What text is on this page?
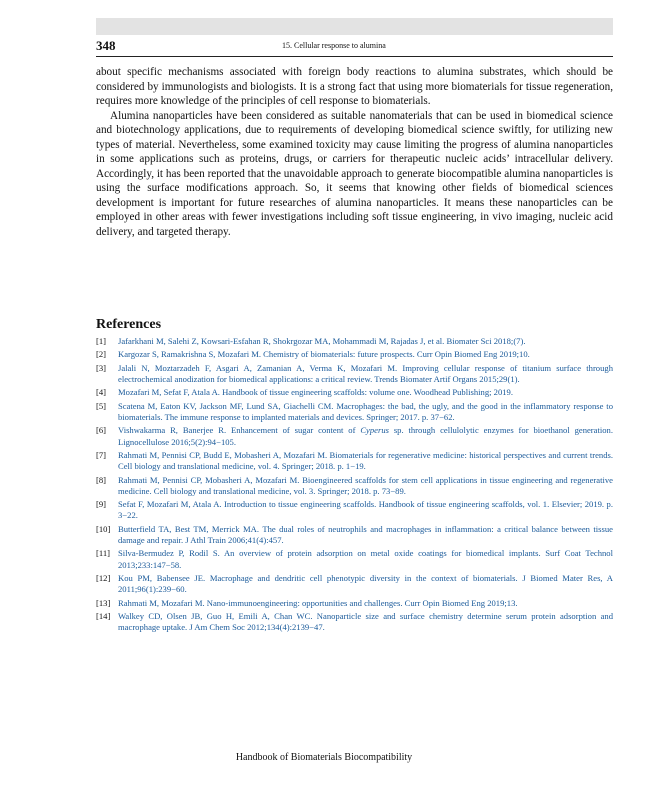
348	15. Cellular response to alumina

about specific mechanisms associated with foreign body reactions to alumina substrates, which should be considered by immunologists and biologists. It is a strong fact that using more biomaterials for tissue regeneration, requires more knowledge of the principles of cell response to biomaterials.

Alumina nanoparticles have been considered as suitable nanomaterials that can be used in biomedical science and biotechnology applications, due to requirements of developing biomedical science swiftly, for utilizing new types of material. Nevertheless, some examined toxicity may cause limiting the progress of alumina nanoparticles in some applications such as proteins, drugs, or carriers for therapeutic nucleic acids’ intracellular delivery. Accordingly, it has been reported that the unavoidable approach to generate biocompatible alumina nanoparticles is using the surface modifications approach. So, it seems that knowing other fields of biomedical sciences development is important for future researches of alumina nanoparticles. It means these nanoparticles can be employed in other areas with fewer investigations including soft tissue engineering, in vivo imaging, nucleic acid delivery, and targeted therapy.

References
[1] Jafarkhani M, Salehi Z, Kowsari-Esfahan R, Shokrgozar MA, Mohammadi M, Rajadas J, et al. Biomater Sci 2018;(7).
[2] Kargozar S, Ramakrishna S, Mozafari M. Chemistry of biomaterials: future prospects. Curr Opin Biomed Eng 2019;10.
[3] Jalali N, Moztarzadeh F, Asgari A, Zamanian A, Verma K, Mozafari M. Improving cellular response of titanium surface through electrochemical anodization for biomedical applications: a critical review. Trends Biomater Artif Organs 2015;29(1).
[4] Mozafari M, Sefat F, Atala A. Handbook of tissue engineering scaffolds: volume one. Woodhead Publishing; 2019.
[5] Scatena M, Eaton KV, Jackson MF, Lund SA, Giachelli CM. Macrophages: the bad, the ugly, and the good in the inflammatory response to biomaterials. The immune response to implanted materials and devices. Springer; 2017. p. 37−62.
[6] Vishwakarma R, Banerjee R. Enhancement of sugar content of Cyperus sp. through cellulolytic enzymes for bioethanol generation. Lignocellulose 2016;5(2):94−105.
[7] Rahmati M, Pennisi CP, Budd E, Mobasheri A, Mozafari M. Biomaterials for regenerative medicine: historical perspectives and current trends. Cell biology and translational medicine, vol. 4. Springer; 2018. p. 1−19.
[8] Rahmati M, Pennisi CP, Mobasheri A, Mozafari M. Bioengineered scaffolds for stem cell applications in tissue engineering and regenerative medicine. Cell biology and translational medicine, vol. 3. Springer; 2018. p. 73−89.
[9] Sefat F, Mozafari M, Atala A. Introduction to tissue engineering scaffolds. Handbook of tissue engineering scaffolds, vol. 1. Elsevier; 2019. p. 3−22.
[10] Butterfield TA, Best TM, Merrick MA. The dual roles of neutrophils and macrophages in inflammation: a critical balance between tissue damage and repair. J Athl Train 2006;41(4):457.
[11] Silva-Bermudez P, Rodil S. An overview of protein adsorption on metal oxide coatings for biomedical implants. Surf Coat Technol 2013;233:147−58.
[12] Kou PM, Babensee JE. Macrophage and dendritic cell phenotypic diversity in the context of biomaterials. J Biomed Mater Res, A 2011;96(1):239−60.
[13] Rahmati M, Mozafari M. Nano-immunoengineering: opportunities and challenges. Curr Opin Biomed Eng 2019;13.
[14] Walkey CD, Olsen JB, Guo H, Emili A, Chan WC. Nanoparticle size and surface chemistry determine serum protein adsorption and macrophage uptake. J Am Chem Soc 2012;134(4):2139−47.
Handbook of Biomaterials Biocompatibility
